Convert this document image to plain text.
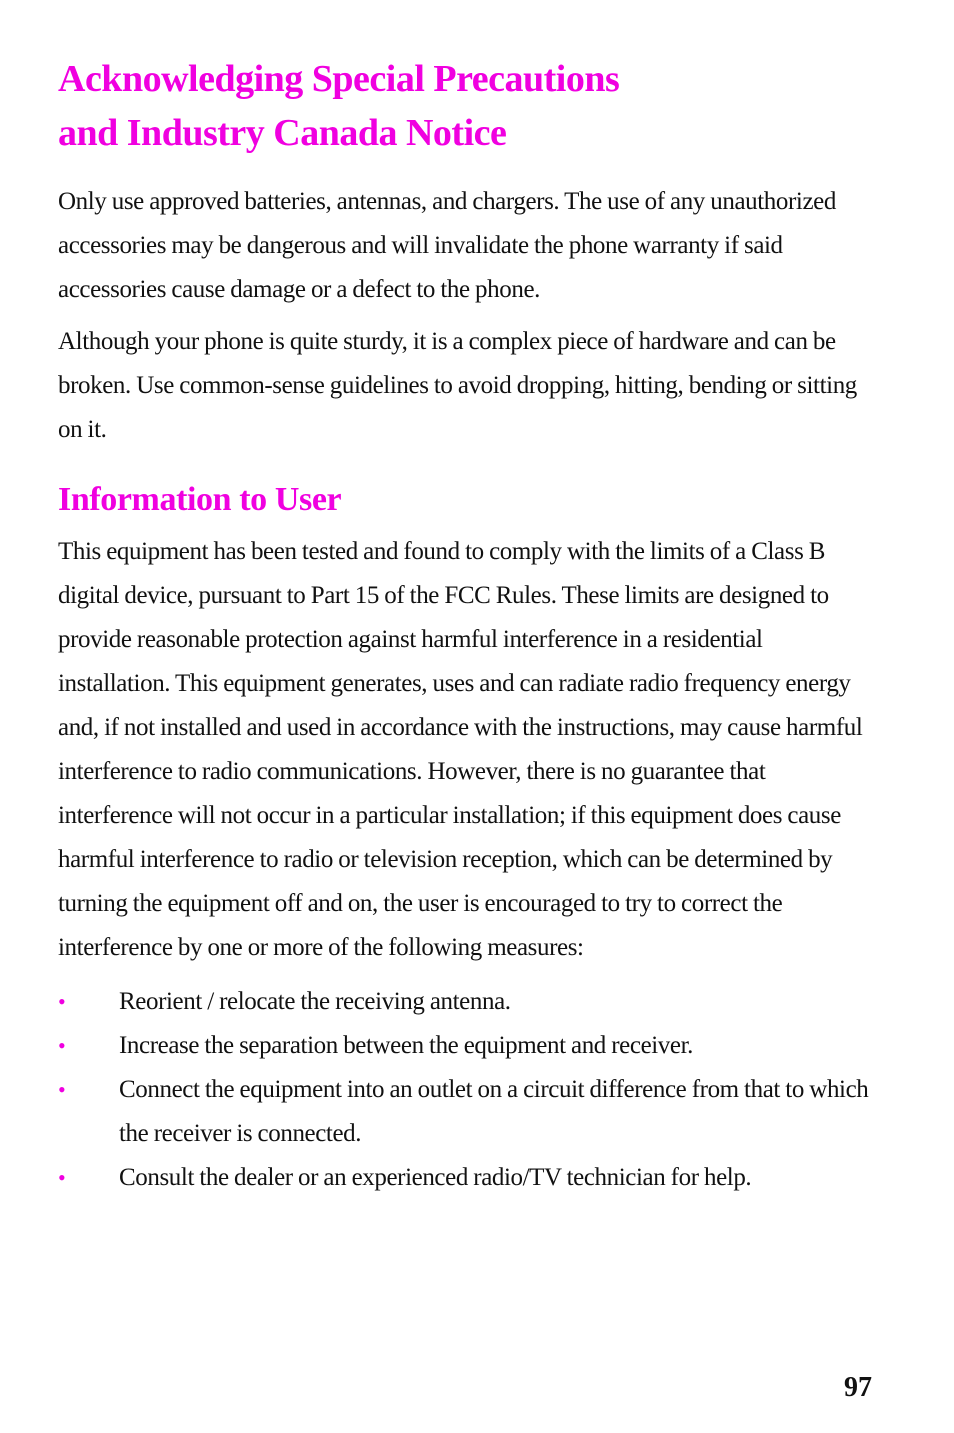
Acknowledging Special Precautions
and Industry Canada Notice

Only use approved batteries, antennas, and chargers. The use of any unauthorized accessories may be dangerous and will invalidate the phone warranty if said accessories cause damage or a defect to the phone.

Although your phone is quite sturdy, it is a complex piece of hardware and can be broken. Use common-sense guidelines to avoid dropping, hitting, bending or sitting on it.

Information to User

This equipment has been tested and found to comply with the limits of a Class B digital device, pursuant to Part 15 of the FCC Rules. These limits are designed to provide reasonable protection against harmful interference in a residential installation. This equipment generates, uses and can radiate radio frequency energy and, if not installed and used in accordance with the instructions, may cause harmful interference to radio communications. However, there is no guarantee that interference will not occur in a particular installation; if this equipment does cause harmful interference to radio or television reception, which can be determined by turning the equipment off and on, the user is encouraged to try to correct the interference by one or more of the following measures:

• Reorient / relocate the receiving antenna.
• Increase the separation between the equipment and receiver.
• Connect the equipment into an outlet on a circuit difference from that to which the receiver is connected.
• Consult the dealer or an experienced radio/TV technician for help.
97
